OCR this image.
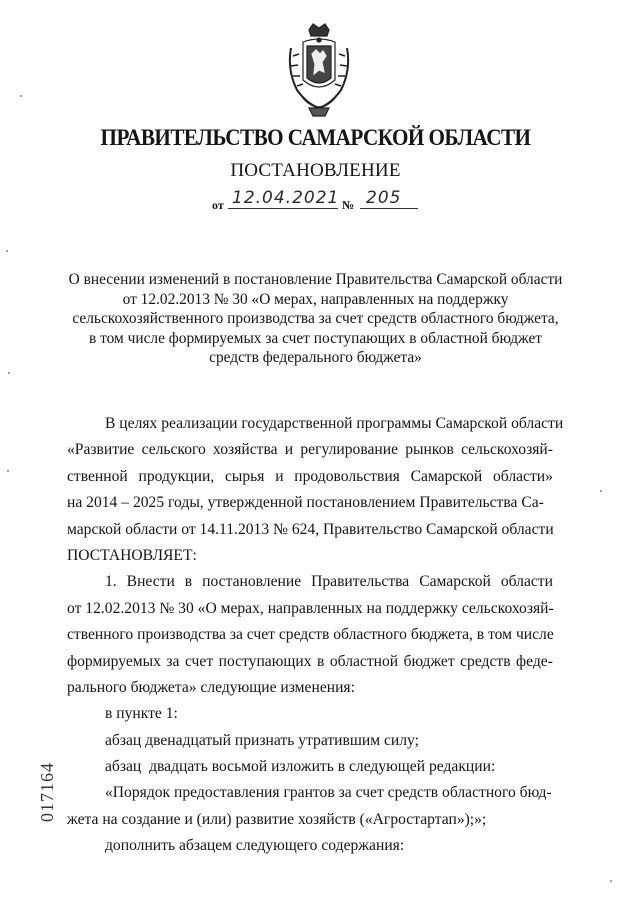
ПРАВИТЕЛЬСТВО САМАРСКОЙ ОБЛАСТИ
ПОСТАНОВЛЕНИЕ
от 12.04.2021 № 205
О внесении изменений в постановление Правительства Самарской области
от 12.02.2013 № 30 «О мерах, направленных на поддержку
сельскохозяйственного производства за счет средств областного бюджета,
в том числе формируемых за счет поступающих в областной бюджет
средств федерального бюджета»
В целях реализации государственной программы Самарской области
«Развитие сельского хозяйства и регулирование рынков сельскохозяй-
ственной продукции, сырья и продовольствия Самарской области»
на 2014 – 2025 годы, утвержденной постановлением Правительства Са-
марской области от 14.11.2013 № 624, Правительство Самарской области
ПОСТАНОВЛЯЕТ:
1. Внести в постановление Правительства Самарской области
от 12.02.2013 № 30 «О мерах, направленных на поддержку сельскохозяй-
ственного производства за счет средств областного бюджета, в том числе
формируемых за счет поступающих в областной бюджет средств феде-
рального бюджета» следующие изменения:
в пункте 1:
абзац двенадцатый признать утратившим силу;
абзац  двадцать восьмой изложить в следующей редакции:
«Порядок предоставления грантов за счет средств областного бюд-
жета на создание и (или) развитие хозяйств («Агростартап»);»;
дополнить абзацем следующего содержания:
017164
